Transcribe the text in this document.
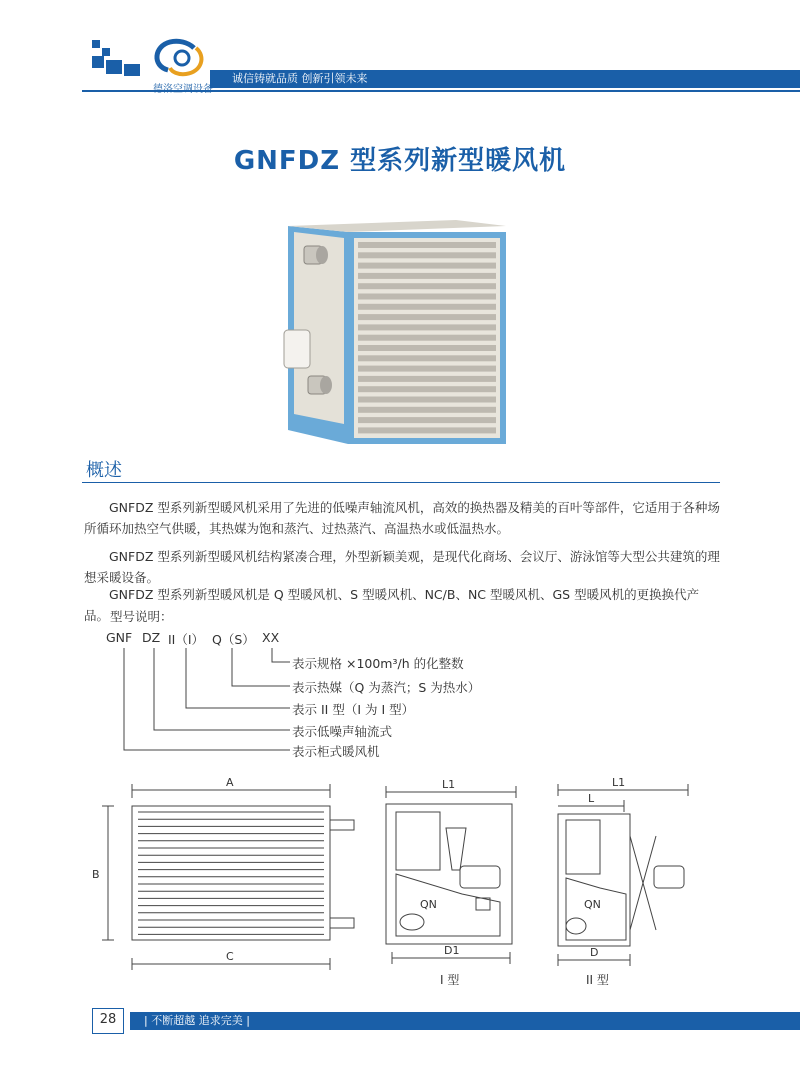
诚信铸就品质 创新引领未来
GNFDZ 型系列新型暖风机
概述

GNFDZ 型系列新型暖风机采用了先进的低噪声轴流风机，高效的换热器及精美的百叶等部件，它适用于各种场所循环加热空气供暖，其热媒为饱和蒸汽、过热蒸汽、高温热水或低温热水。

GNFDZ 型系列新型暖风机结构紧凑合理，外型新颖美观，是现代化商场、会议厅、游泳馆等大型公共建筑的理想采暖设备。

GNFDZ 型系列新型暖风机是 Q 型暖风机、S 型暖风机、NC/B、NC 型暖风机、GS 型暖风机的更换换代产品。 型号说明：
GNF DZ II（I） Q（S） XX
表示规格 ×100m³/h 的化整数
表示热媒（Q 为蒸汽；S 为热水）
表示 II 型（I 为 I 型）
表示低噪声轴流式
表示柜式暖风机
A
B
C
L1
QN
D1
I 型
L1
L
QN
D
II 型
| 不断超越 追求完美 |
28
